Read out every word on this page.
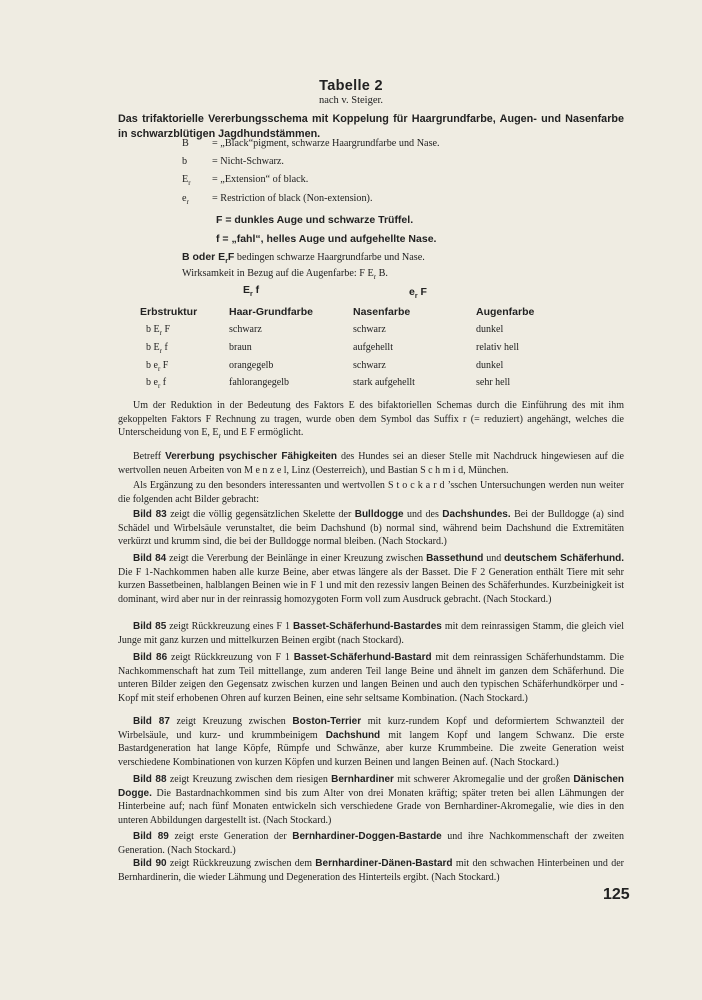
Tabelle 2
nach v. Steiger.
Das trifaktorielle Vererbungsschema mit Koppelung für Haargrundfarbe, Augen- und Nasenfarbe in schwarzblütigen Jagdhundstämmen.
B	= „Black“pigment, schwarze Haargrundfarbe und Nase.
b	= Nicht-Schwarz.
$E_r$	= „Extension“ of black.
$e_r$	= Restriction of black (Non-extension).
F = dunkles Auge und schwarze Trüffel.
f = „fahl“, helles Auge und aufgehellte Nase.
B oder $E_rF$ bedingen schwarze Haargrundfarbe und Nase.
Wirksamkeit in Bezug auf die Augenfarbe: F $E_r$ B.
$E_r$ f	$e_r$ F
Erbstruktur	Haar-Grundfarbe	Nasenfarbe	Augenfarbe
b $E_r$ F	schwarz	schwarz	dunkel
b $E_r$ f	braun	aufgehellt	relativ hell
b $e_r$ F	orangegelb	schwarz	dunkel
b $e_r$ f	fahlorangegelb	stark aufgehellt	sehr hell
Um der Reduktion in der Bedeutung des Faktors E des bifaktoriellen Schemas durch die Einführung des mit ihm gekoppelten Faktors F Rechnung zu tragen, wurde oben dem Symbol das Suffix r (= reduziert) angehängt, welches die Unterscheidung von E, $E_r$ und E F ermöglicht.
Betreff Vererbung psychischer Fähigkeiten des Hundes sei an dieser Stelle mit Nachdruck hingewiesen auf die wertvollen neuen Arbeiten von M e n z e l, Linz (Oesterreich), und Bastian S c h m i d, München.
Als Ergänzung zu den besonders interessanten und wertvollen S t o c k a r d ’sschen Untersuchungen werden nun weiter die folgenden acht Bilder gebracht:
Bild 83 zeigt die völlig gegensätzlichen Skelette der Bulldogge und des Dachshundes. Bei der Bulldogge (a) sind Schädel und Wirbelsäule verunstaltet, die beim Dachshund (b) normal sind, während beim Dachshund die Extremitäten verkürzt und krumm sind, die bei der Bulldogge normal bleiben. (Nach Stockard.)
Bild 84 zeigt die Vererbung der Beinlänge in einer Kreuzung zwischen Bassethund und deutschem Schäferhund. Die F 1-Nachkommen haben alle kurze Beine, aber etwas längere als der Basset. Die F 2 Generation enthält Tiere mit sehr kurzen Bassetbeinen, halblangen Beinen wie in F 1 und mit den rezessiv langen Beinen des Schäferhundes. Kurzbeinigkeit ist dominant, wird aber nur in der reinrassig homozygoten Form voll zum Ausdruck gebracht. (Nach Stockard.)
Bild 85 zeigt Rückkreuzung eines F 1 Basset-Schäferhund-Bastardes mit dem reinrassigen Stamm, die gleich viel Junge mit ganz kurzen und mittelkurzen Beinen ergibt (nach Stockard).
Bild 86 zeigt Rückkreuzung von F 1 Basset-Schäferhund-Bastard mit dem reinrassigen Schäferhundstamm. Die Nachkommenschaft hat zum Teil mittellange, zum anderen Teil lange Beine und ähnelt im ganzen dem Schäferhund. Die unteren Bilder zeigen den Gegensatz zwischen kurzen und langen Beinen und auch den typischen Schäferhundkörper und -Kopf mit steif erhobenen Ohren auf kurzen Beinen, eine sehr seltsame Kombination. (Nach Stockard.)
Bild 87 zeigt Kreuzung zwischen Boston-Terrier mit kurz-rundem Kopf und deformiertem Schwanzteil der Wirbelsäule, und kurz- und krummbeinigem Dachshund mit langem Kopf und langem Schwanz. Die erste Bastardgeneration hat lange Köpfe, Rümpfe und Schwänze, aber kurze Krummbeine. Die zweite Generation weist verschiedene Kombinationen von kurzen Köpfen und kurzen Beinen und langen Beinen auf. (Nach Stockard.)
Bild 88 zeigt Kreuzung zwischen dem riesigen Bernhardiner mit schwerer Akromegalie und der großen Dänischen Dogge. Die Bastardnachkommen sind bis zum Alter von drei Monaten kräftig; später treten bei allen Lähmungen der Hinterbeine auf; nach fünf Monaten entwickeln sich verschiedene Grade von Bernhardiner-Akromegalie, wie dies in den unteren Abbildungen dargestellt ist. (Nach Stockard.)
Bild 89 zeigt erste Generation der Bernhardiner-Doggen-Bastarde und ihre Nachkommenschaft der zweiten Generation. (Nach Stockard.)
Bild 90 zeigt Rückkreuzung zwischen dem Bernhardiner-Dänen-Bastard mit den schwachen Hinterbeinen und der Bernhardinerin, die wieder Lähmung und Degeneration des Hinterteils ergibt. (Nach Stockard.)
125
